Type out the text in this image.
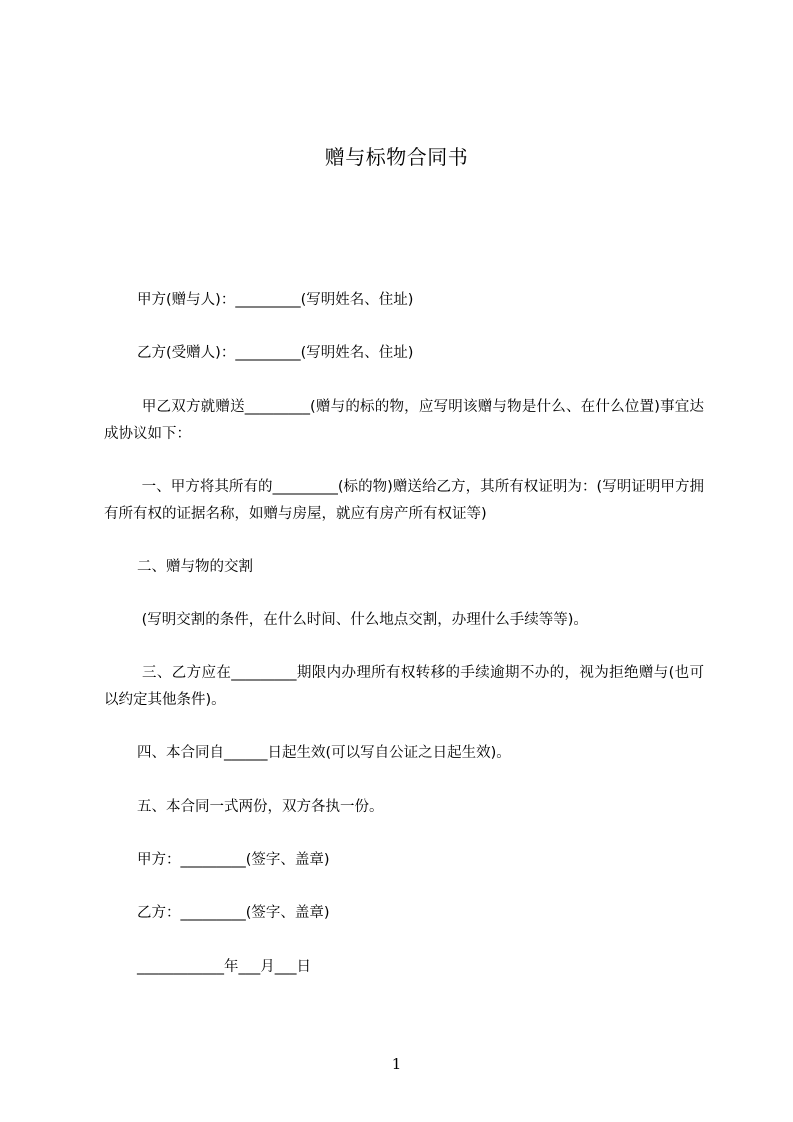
赠与标物合同书
甲方(赠与人)：_________(写明姓名、住址)
乙方(受赠人)：_________(写明姓名、住址)
甲乙双方就赠送_________(赠与的标的物，应写明该赠与物是什么、在什么位置)事宜达成协议如下：
一、甲方将其所有的_________(标的物)赠送给乙方，其所有权证明为：(写明证明甲方拥有所有权的证据名称，如赠与房屋，就应有房产所有权证等)
二、赠与物的交割
(写明交割的条件，在什么时间、什么地点交割，办理什么手续等等)。
三、乙方应在_________期限内办理所有权转移的手续逾期不办的，视为拒绝赠与(也可以约定其他条件)。
四、本合同自______日起生效(可以写自公证之日起生效)。
五、本合同一式两份，双方各执一份。
甲方：_________(签字、盖章)
乙方：_________(签字、盖章)
____________年___月___日
1
